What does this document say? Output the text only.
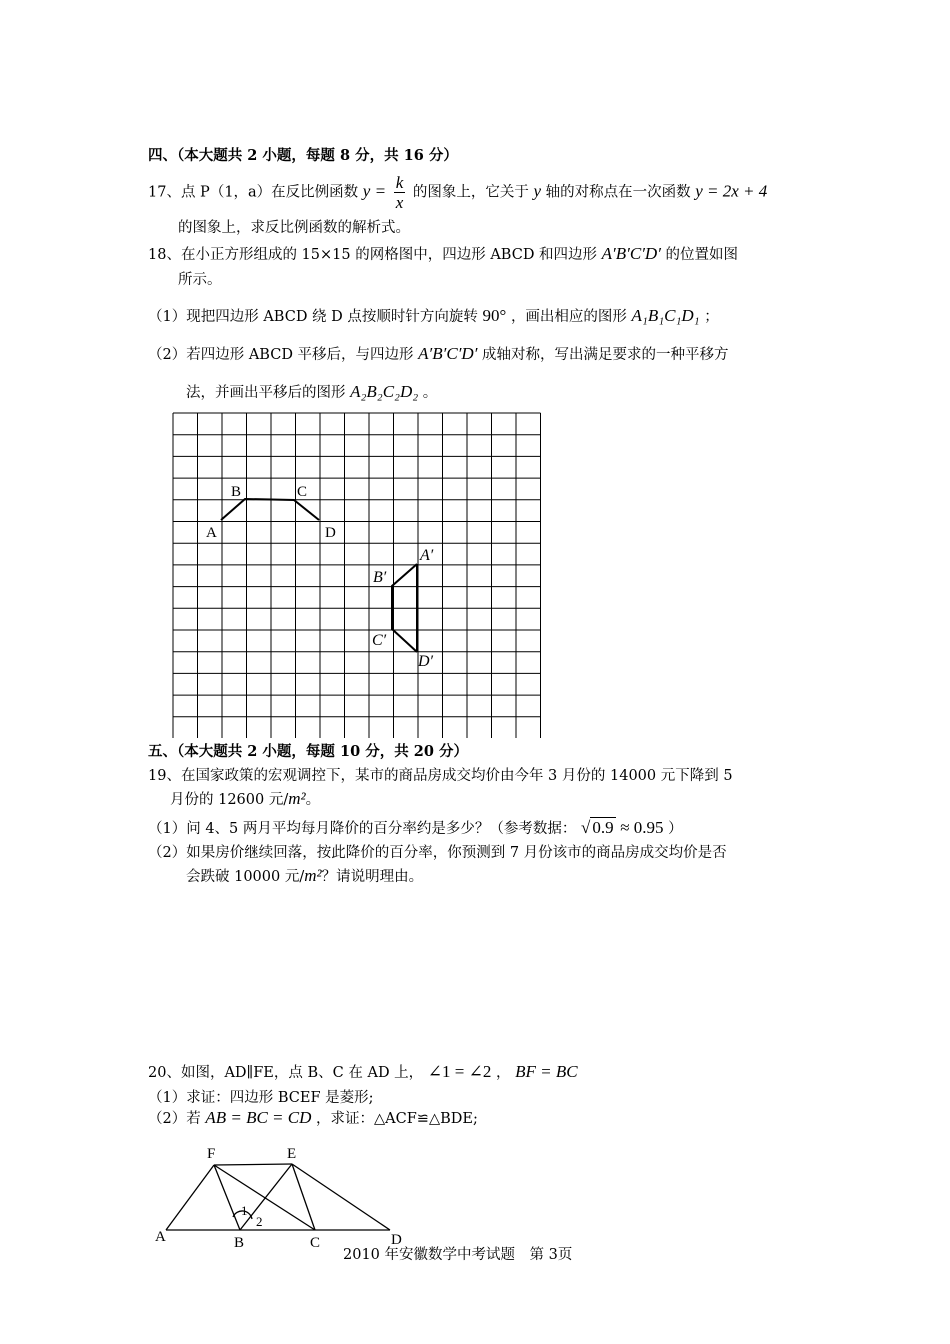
四、（本大题共 2 小题，每题 8 分，共 16 分）
17、点 P（1，a）在反比例函数 $y = \frac{k}{x}$ 的图象上，它关于 y 轴的对称点在一次函数 y = 2x + 4
的图象上，求反比例函数的解析式。
18、在小正方形组成的 15×15 的网格图中，四边形 ABCD 和四边形 A′B′C′D′ 的位置如图
所示。
（1）现把四边形 ABCD 绕 D 点按顺时针方向旋转 90° ，画出相应的图形 A₁B₁C₁D₁ ；
（2）若四边形 ABCD 平移后，与四边形 A′B′C′D′ 成轴对称，写出满足要求的一种平移方
法，并画出平移后的图形 A₂B₂C₂D₂ 。
B	C
A	D
A′
B′
C′
D′
五、（本大题共 2 小题，每题 10 分，共 20 分）
19、在国家政策的宏观调控下，某市的商品房成交均价由今年 3 月份的 14000 元下降到 5
月份的 12600 元/m²。
（1）问 4、5 两月平均每月降价的百分率约是多少？（参考数据： √ 0.9 ≈ 0.95 ）
（2）如果房价继续回落，按此降价的百分率，你预测到 7 月份该市的商品房成交均价是否
会跌破 10000 元/m²？请说明理由。
20、如图，AD∥FE，点 B、C 在 AD 上， ∠1 = ∠2 ， BF = BC
（1）求证：四边形 BCEF 是菱形;
（2）若 AB = BC = CD ，求证：△ACF≌△BDE;
F	E
A	B	C	D
1
2
2010 年安徽数学中考试题　第 3页
